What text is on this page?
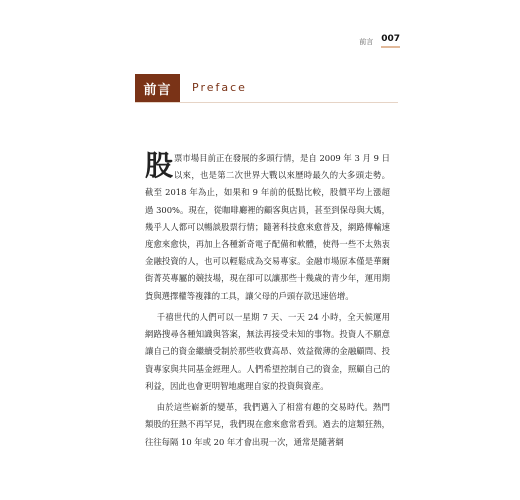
前言 007
前言	Preface

股 票市場目前正在發展的多頭行情，是自 2009 年 3 月 9 日以來，也是第二次世界大戰以來歷時最久的大多頭走勢。截至 2018 年為止，如果和 9 年前的低點比較，股價平均上漲超過 300%。現在，從咖啡廳裡的顧客與店員，甚至到保母與大媽，幾乎人人都可以暢談股票行情；隨著科技愈來愈普及，網路傳輸速度愈來愈快，再加上各種新奇電子配備和軟體，使得一些不太熟衷金融投資的人，也可以輕鬆成為交易專家。金融市場原本僅是華爾街菁英專屬的競技場，現在卻可以讓那些十幾歲的青少年，運用期貨與選擇權等複雜的工具，讓父母的戶頭存款迅速倍增。

千禧世代的人們可以一星期 7 天、一天 24 小時，全天候運用網路搜尋各種知識與答案，無法再接受未知的事物。投資人不願意讓自己的資金繼續受制於那些收費高昂、效益微薄的金融顧問、投資專家與共同基金經理人。人們希望控制自己的資金，照顧自己的利益，因此也會更明智地處理自家的投資與資產。

由於這些嶄新的變革，我們邁入了相當有趣的交易時代。熱門類股的狂熱不再罕見，我們現在愈來愈常看到。過去的這類狂熱，往往每隔 10 年或 20 年才會出現一次，通常是隨著網
